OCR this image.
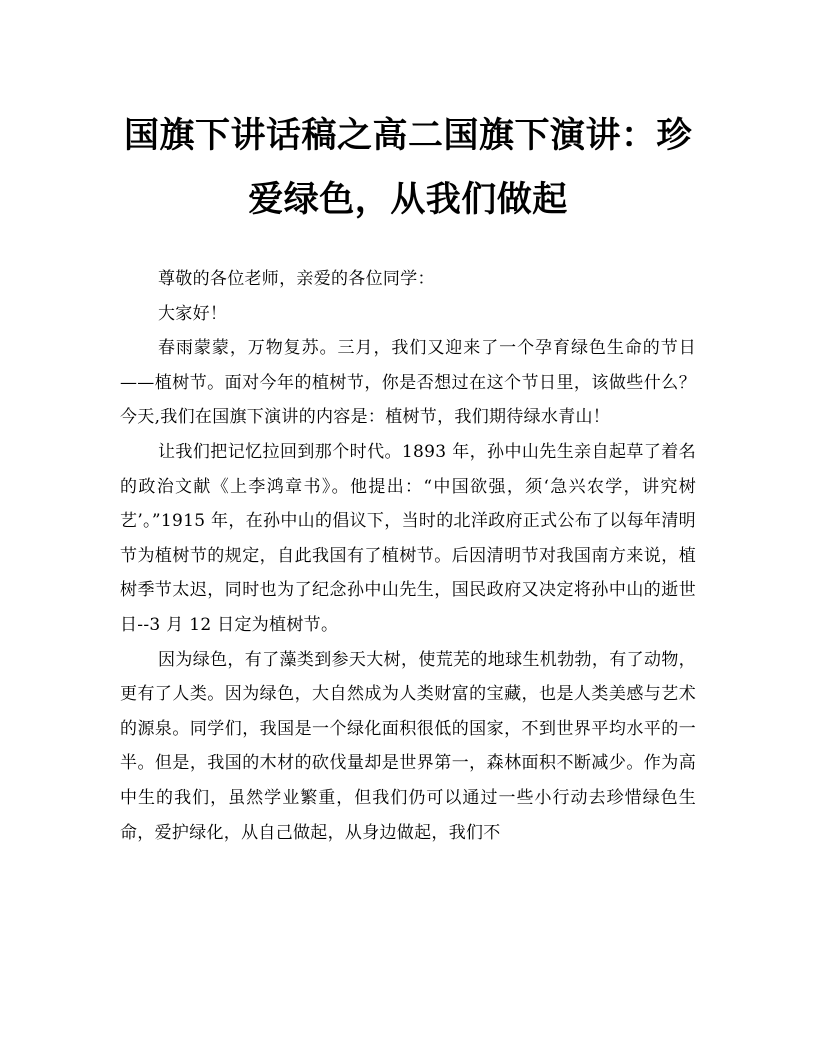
国旗下讲话稿之高二国旗下演讲：珍爱绿色，从我们做起

尊敬的各位老师，亲爱的各位同学：

大家好！

春雨蒙蒙，万物复苏。三月，我们又迎来了一个孕育绿色生命的节日——植树节。面对今年的植树节，你是否想过在这个节日里，该做些什么？今天,我们在国旗下演讲的内容是：植树节，我们期待绿水青山！

让我们把记忆拉回到那个时代。1893 年，孙中山先生亲自起草了着名的政治文献《上李鸿章书》。他提出：“中国欲强，须‘急兴农学，讲究树艺’。”1915 年，在孙中山的倡议下，当时的北洋政府正式公布了以每年清明节为植树节的规定，自此我国有了植树节。后因清明节对我国南方来说，植树季节太迟，同时也为了纪念孙中山先生，国民政府又决定将孙中山的逝世日--3 月 12 日定为植树节。

因为绿色，有了藻类到参天大树，使荒芜的地球生机勃勃，有了动物，更有了人类。因为绿色，大自然成为人类财富的宝藏，也是人类美感与艺术的源泉。同学们，我国是一个绿化面积很低的国家，不到世界平均水平的一半。但是，我国的木材的砍伐量却是世界第一，森林面积不断减少。作为高中生的我们，虽然学业繁重，但我们仍可以通过一些小行动去珍惜绿色生命，爱护绿化，从自己做起，从身边做起，我们不
